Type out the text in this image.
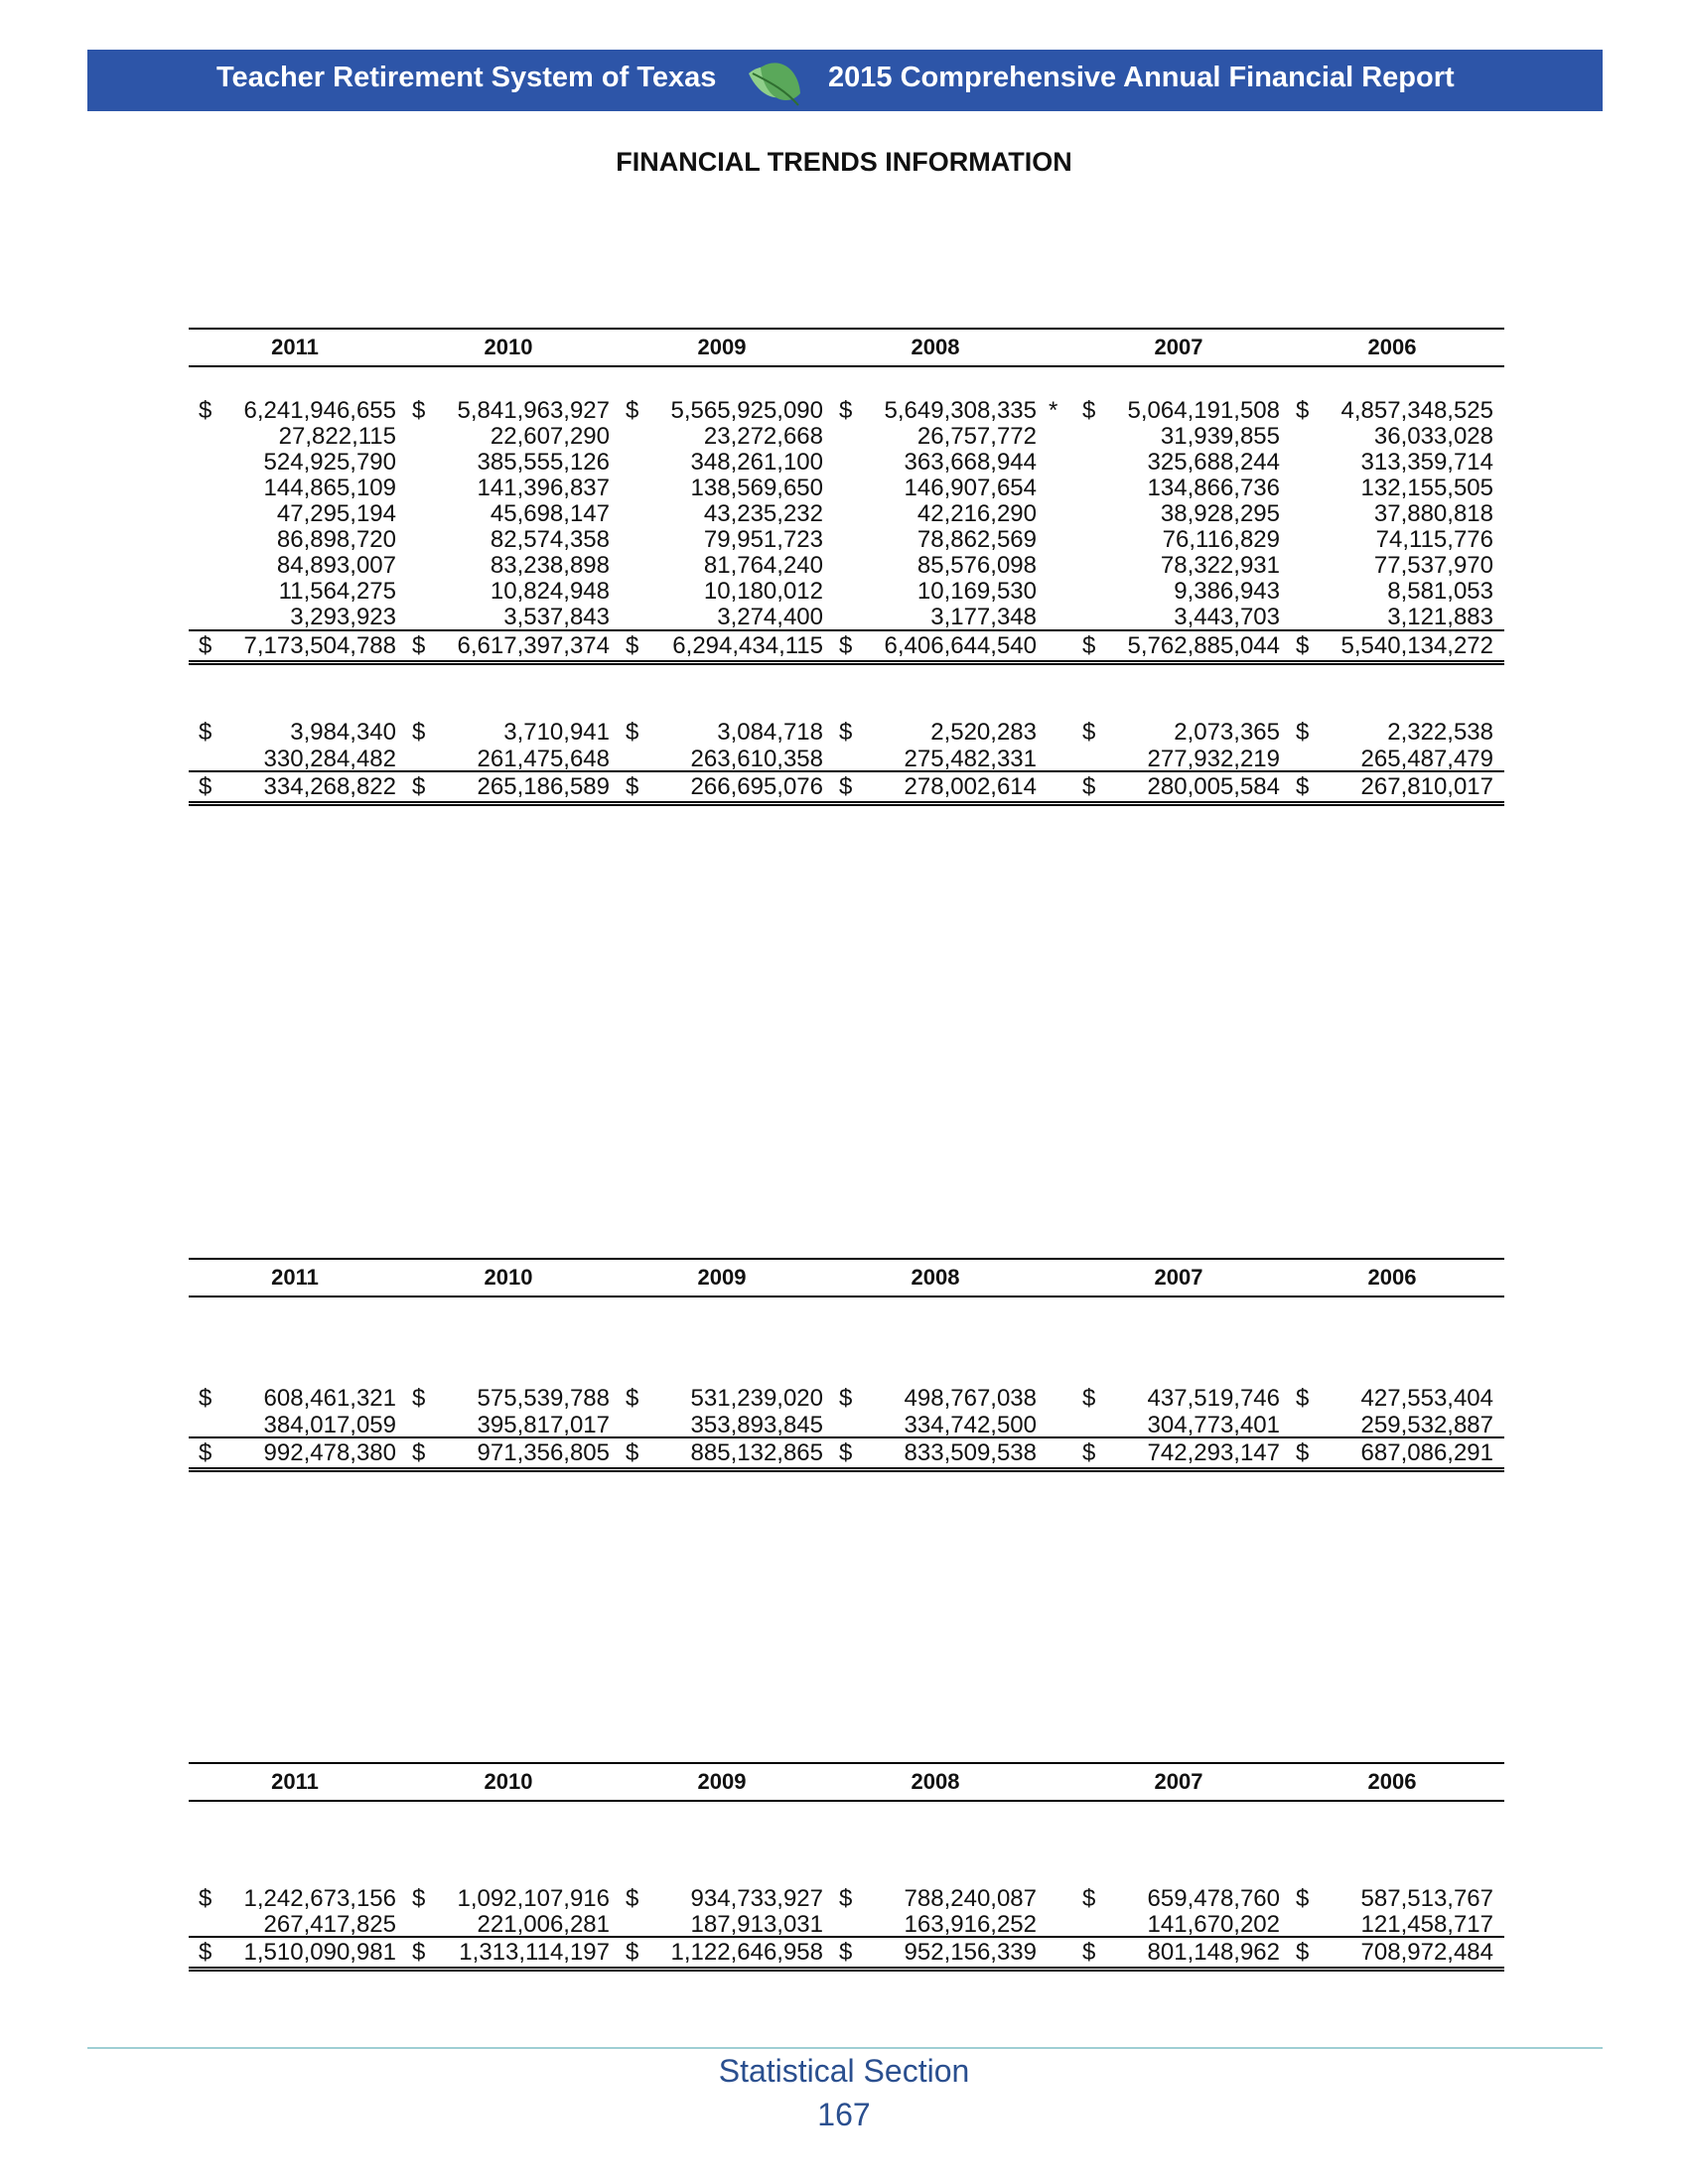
Teacher Retirement System of Texas	2015 Comprehensive Annual Financial Report
FINANCIAL TRENDS INFORMATION
2011	2010	2009	2008	2007	2006
$ 6,241,946,655 $ 5,841,963,927 $ 5,565,925,090 $ 5,649,308,335 $ 5,064,191,508 $ 4,857,348,525
*
27,822,115	22,607,290	23,272,668	26,757,772	31,939,855	36,033,028
524,925,790	385,555,126	348,261,100	363,668,944	325,688,244	313,359,714
144,865,109	141,396,837	138,569,650	146,907,654	134,866,736	132,155,505
47,295,194	45,698,147	43,235,232	42,216,290	38,928,295	37,880,818
86,898,720	82,574,358	79,951,723	78,862,569	76,116,829	74,115,776
84,893,007	83,238,898	81,764,240	85,576,098	78,322,931	77,537,970
11,564,275	10,824,948	10,180,012	10,169,530	9,386,943	8,581,053
3,293,923	3,537,843	3,274,400	3,177,348	3,443,703	3,121,883
$ 7,173,504,788 $ 6,617,397,374 $ 6,294,434,115 $ 6,406,644,540 $ 5,762,885,044 $ 5,540,134,272
$	3,984,340 $	3,710,941 $	3,084,718 $	2,520,283 $	2,073,365 $	2,322,538
330,284,482	261,475,648	263,610,358	275,482,331	277,932,219	265,487,479
$ 334,268,822 $ 265,186,589 $ 266,695,076 $ 278,002,614 $ 280,005,584 $ 267,810,017
2011	2010	2009	2008	2007	2006
$ 608,461,321 $ 575,539,788 $ 531,239,020 $ 498,767,038 $ 437,519,746 $ 427,553,404
384,017,059	395,817,017	353,893,845	334,742,500	304,773,401	259,532,887
$ 992,478,380 $ 971,356,805 $ 885,132,865 $ 833,509,538 $ 742,293,147 $ 687,086,291
2011	2010	2009	2008	2007	2006
$ 1,242,673,156 $ 1,092,107,916 $ 934,733,927 $ 788,240,087 $ 659,478,760 $ 587,513,767
267,417,825	221,006,281	187,913,031	163,916,252	141,670,202	121,458,717
$ 1,510,090,981 $ 1,313,114,197 $ 1,122,646,958 $ 952,156,339 $ 801,148,962 $ 708,972,484
Statistical Section
167
